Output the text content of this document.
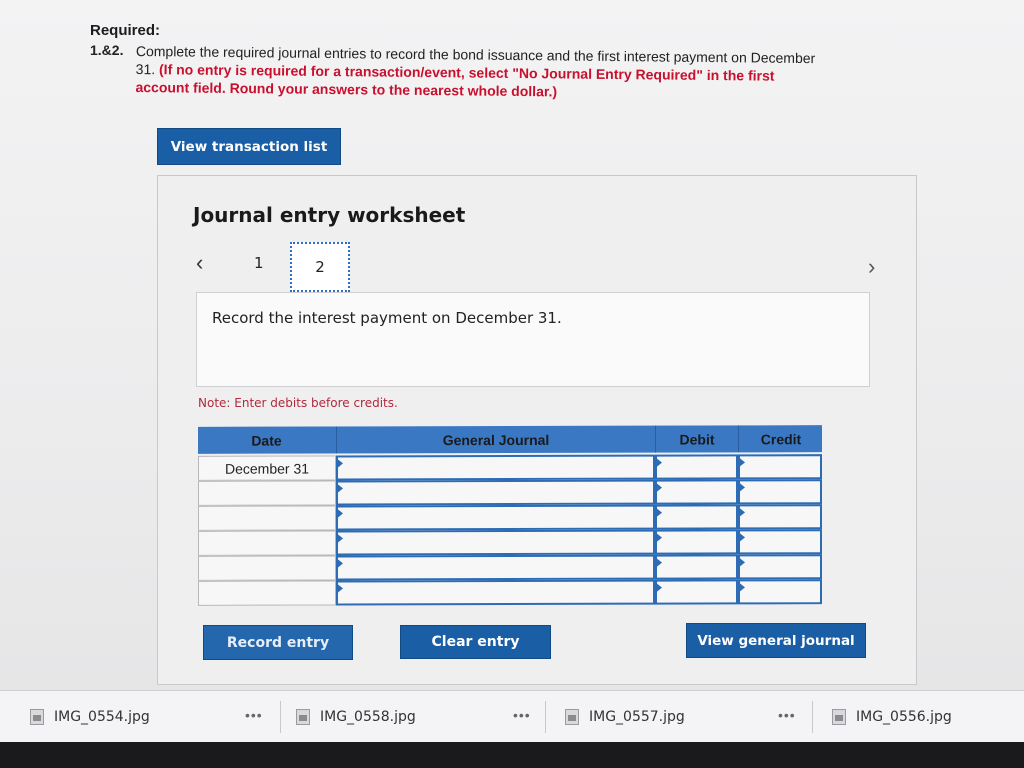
Required:
1.&2. Complete the required journal entries to record the bond issuance and the first interest payment on December 31. (If no entry is required for a transaction/event, select "No Journal Entry Required" in the first account field. Round your answers to the nearest whole dollar.)
View transaction list
Journal entry worksheet
‹	1	2	›
Record the interest payment on December 31.
Note: Enter debits before credits.
Date	General Journal	Debit	Credit
December 31
Record entry	Clear entry	View general journal
IMG_0554.jpg	•••	IMG_0558.jpg	•••	IMG_0557.jpg	•••	IMG_0556.jpg
